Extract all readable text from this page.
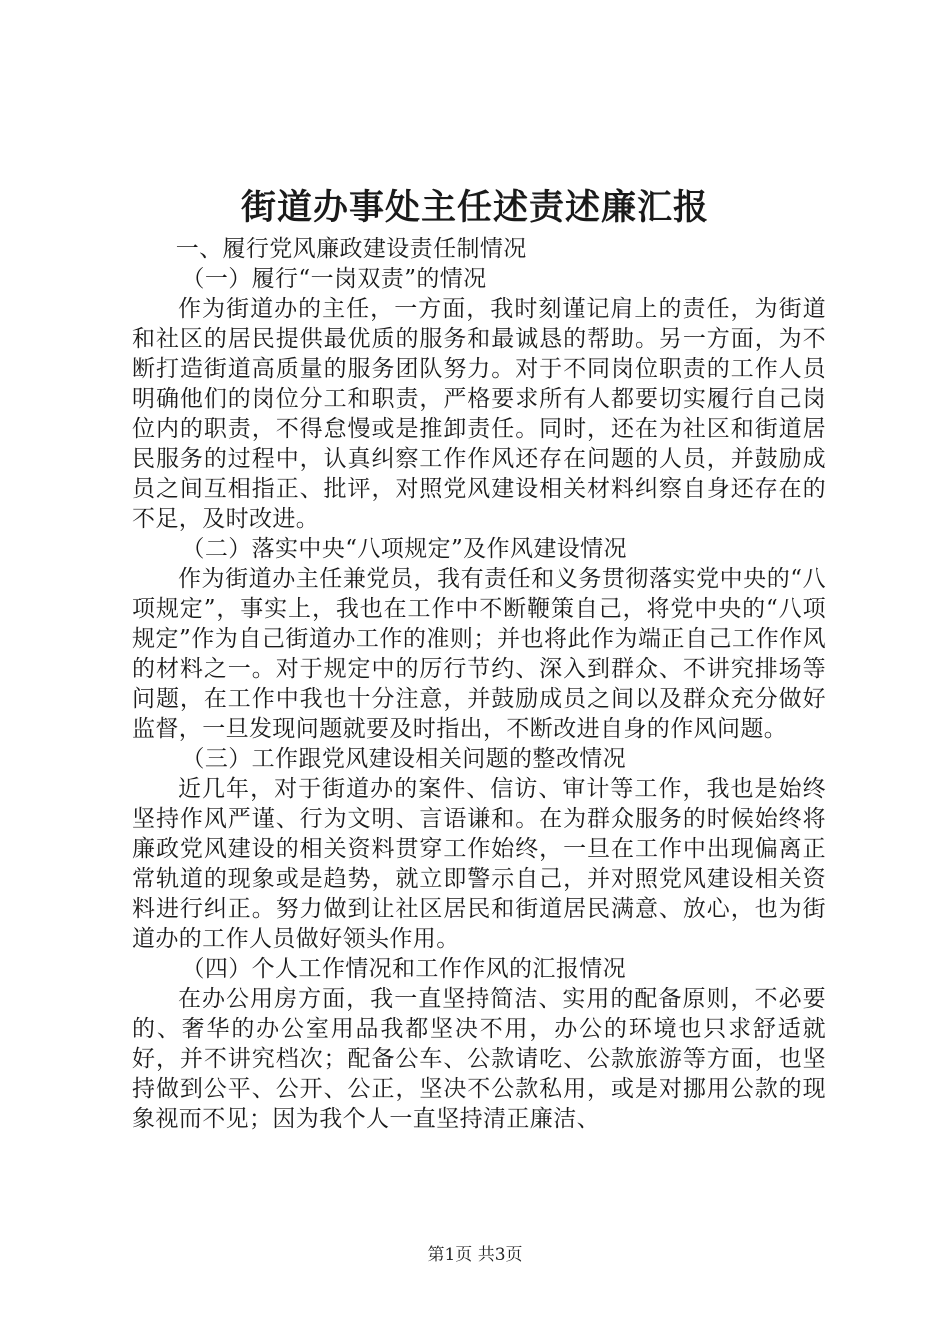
街道办事处主任述责述廉汇报

一、履行党风廉政建设责任制情况

（一）履行“一岗双责”的情况

作为街道办的主任，一方面，我时刻谨记肩上的责任，为街道和社区的居民提供最优质的服务和最诚恳的帮助。另一方面，为不断打造街道高质量的服务团队努力。对于不同岗位职责的工作人员明确他们的岗位分工和职责，严格要求所有人都要切实履行自己岗位内的职责，不得怠慢或是推卸责任。同时，还在为社区和街道居民服务的过程中，认真纠察工作作风还存在问题的人员，并鼓励成员之间互相指正、批评，对照党风建设相关材料纠察自身还存在的不足，及时改进。

（二）落实中央“八项规定”及作风建设情况

作为街道办主任兼党员，我有责任和义务贯彻落实党中央的“八项规定”，事实上，我也在工作中不断鞭策自己，将党中央的“八项规定”作为自己街道办工作的准则；并也将此作为端正自己工作作风的材料之一。对于规定中的厉行节约、深入到群众、不讲究排场等问题，在工作中我也十分注意，并鼓励成员之间以及群众充分做好监督，一旦发现问题就要及时指出，不断改进自身的作风问题。

（三）工作跟党风建设相关问题的整改情况

近几年，对于街道办的案件、信访、审计等工作，我也是始终坚持作风严谨、行为文明、言语谦和。在为群众服务的时候始终将廉政党风建设的相关资料贯穿工作始终，一旦在工作中出现偏离正常轨道的现象或是趋势，就立即警示自己，并对照党风建设相关资料进行纠正。努力做到让社区居民和街道居民满意、放心，也为街道办的工作人员做好领头作用。

（四）个人工作情况和工作作风的汇报情况

在办公用房方面，我一直坚持简洁、实用的配备原则，不必要的、奢华的办公室用品我都坚决不用，办公的环境也只求舒适就好，并不讲究档次；配备公车、公款请吃、公款旅游等方面，也坚持做到公平、公开、公正，坚决不公款私用，或是对挪用公款的现象视而不见；因为我个人一直坚持清正廉洁、

第1页 共3页
